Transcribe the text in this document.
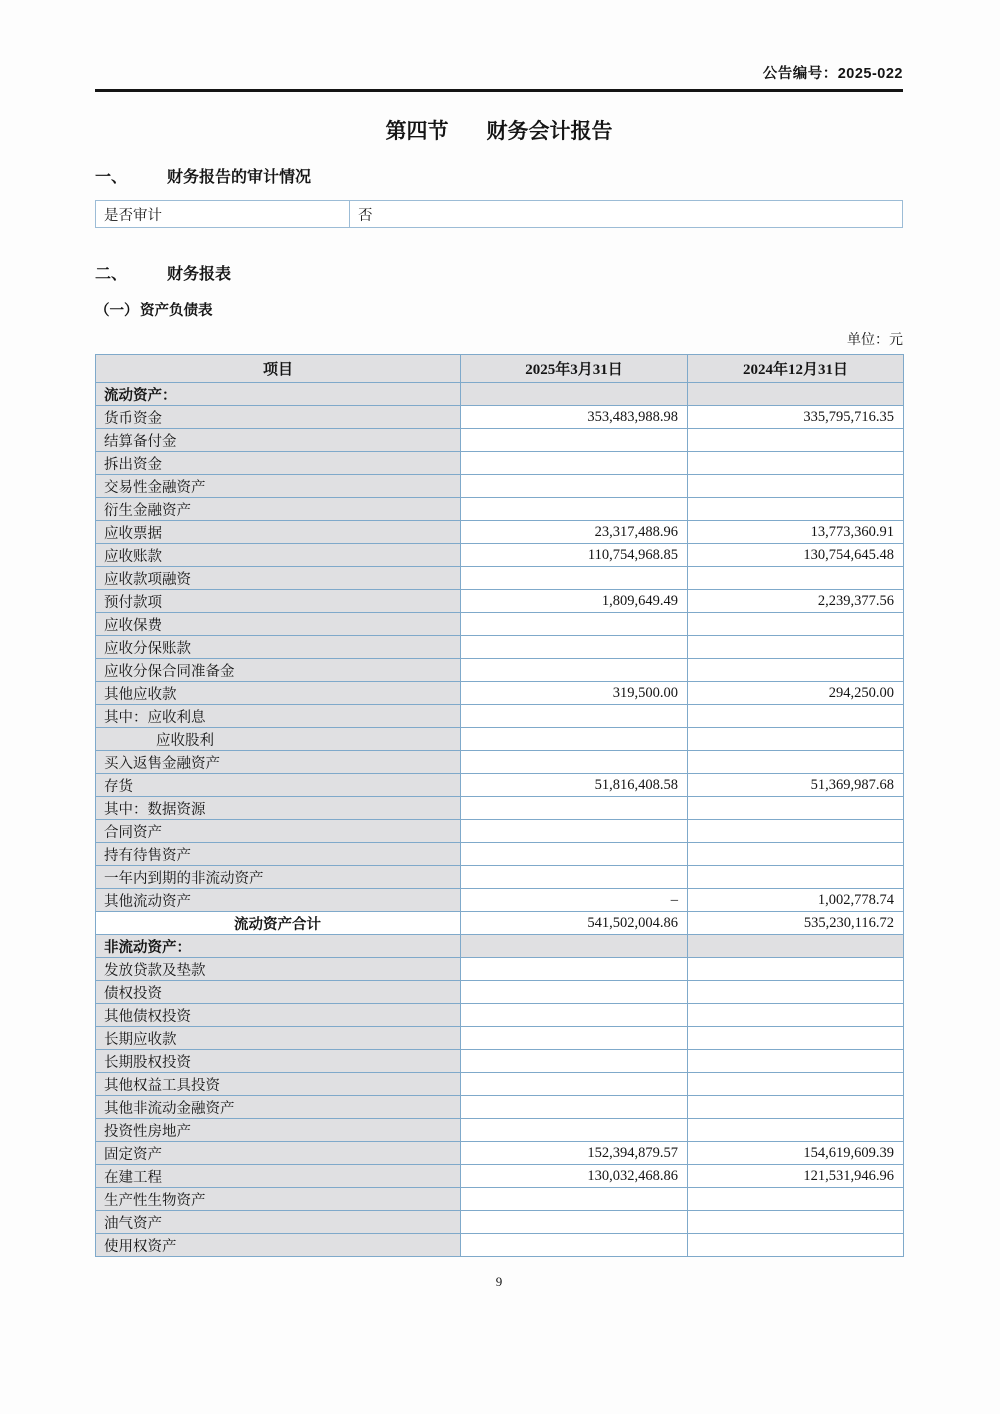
公告编号：2025-022
第四节 财务会计报告
一、 财务报告的审计情况
是否审计	否
二、 财务报表
（一） 资产负债表
单位：元
项目	2025年3月31日	2024年12月31日
流动资产：		
货币资金	353,483,988.98	335,795,716.35
结算备付金		
拆出资金		
交易性金融资产		
衍生金融资产		
应收票据	23,317,488.96	13,773,360.91
应收账款	110,754,968.85	130,754,645.48
应收款项融资		
预付款项	1,809,649.49	2,239,377.56
应收保费		
应收分保账款		
应收分保合同准备金		
其他应收款	319,500.00	294,250.00
其中：应收利息		
应收股利		
买入返售金融资产		
存货	51,816,408.58	51,369,987.68
其中：数据资源		
合同资产		
持有待售资产		
一年内到期的非流动资产		
其他流动资产	–	1,002,778.74
流动资产合计	541,502,004.86	535,230,116.72
非流动资产：		
发放贷款及垫款		
债权投资		
其他债权投资		
长期应收款		
长期股权投资		
其他权益工具投资		
其他非流动金融资产		
投资性房地产		
固定资产	152,394,879.57	154,619,609.39
在建工程	130,032,468.86	121,531,946.96
生产性生物资产		
油气资产		
使用权资产		
9
